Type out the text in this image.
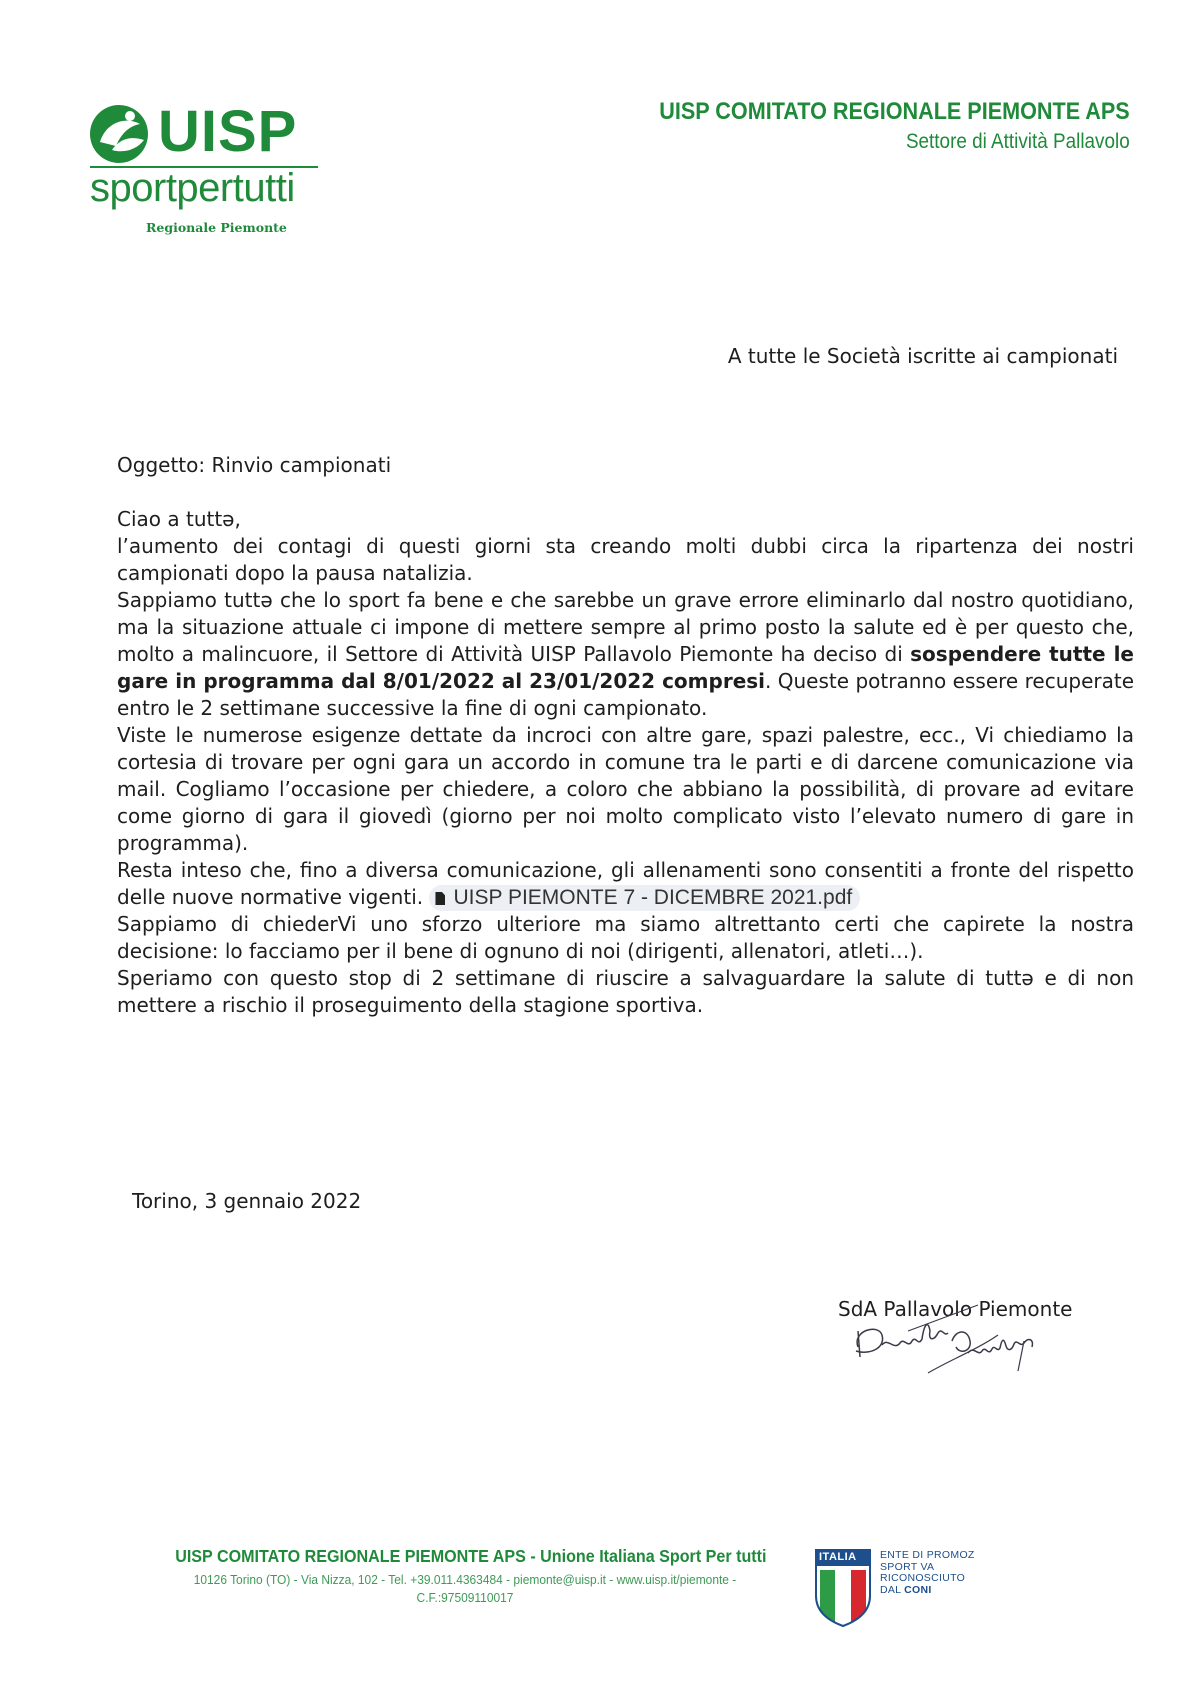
UISP
sportpertutti
Regionale Piemonte
UISP COMITATO REGIONALE PIEMONTE APS
Settore di Attività Pallavolo
A tutte le Società iscritte ai campionati
Oggetto: Rinvio campionati

Ciao a tuttə,

l’aumento dei contagi di questi giorni sta creando molti dubbi circa la ripartenza dei nostri campionati dopo la pausa natalizia.

Sappiamo tuttə che lo sport fa bene e che sarebbe un grave errore eliminarlo dal nostro quotidiano, ma la situazione attuale ci impone di mettere sempre al primo posto la salute ed è per questo che, molto a malincuore, il Settore di Attività UISP Pallavolo Piemonte ha deciso di sospendere tutte le gare in programma dal 8/01/2022 al 23/01/2022 compresi. Queste potranno essere recuperate entro le 2 settimane successive la fine di ogni campionato.

Viste le numerose esigenze dettate da incroci con altre gare, spazi palestre, ecc., Vi chiediamo la cortesia di trovare per ogni gara un accordo in comune tra le parti e di darcene comunicazione via mail. Cogliamo l’occasione per chiedere, a coloro che abbiano la possibilità, di provare ad evitare come giorno di gara il giovedì (giorno per noi molto complicato visto l’elevato numero di gare in programma).

Resta inteso che, fino a diversa comunicazione, gli allenamenti sono consentiti a fronte del rispetto delle nuove normative vigenti. UISP PIEMONTE 7 - DICEMBRE 2021.pdf

Sappiamo di chiederVi uno sforzo ulteriore ma siamo altrettanto certi che capirete la nostra decisione: lo facciamo per il bene di ognuno di noi (dirigenti, allenatori, atleti…).

Speriamo con questo stop di 2 settimane di riuscire a salvaguardare la salute di tuttə e di non mettere a rischio il proseguimento della stagione sportiva.

Torino, 3 gennaio 2022
SdA Pallavolo Piemonte
UISP COMITATO REGIONALE PIEMONTE APS - Unione Italiana Sport Per tutti
10126 Torino (TO) - Via Nizza, 102 - Tel. +39.011.4363484 - piemonte@uisp.it - www.uisp.it/piemonte - C.F.:97509110017
ITALIA ENTE DI PROMOZ
SPORT VA
RICONOSCIUTO
DAL CONI
